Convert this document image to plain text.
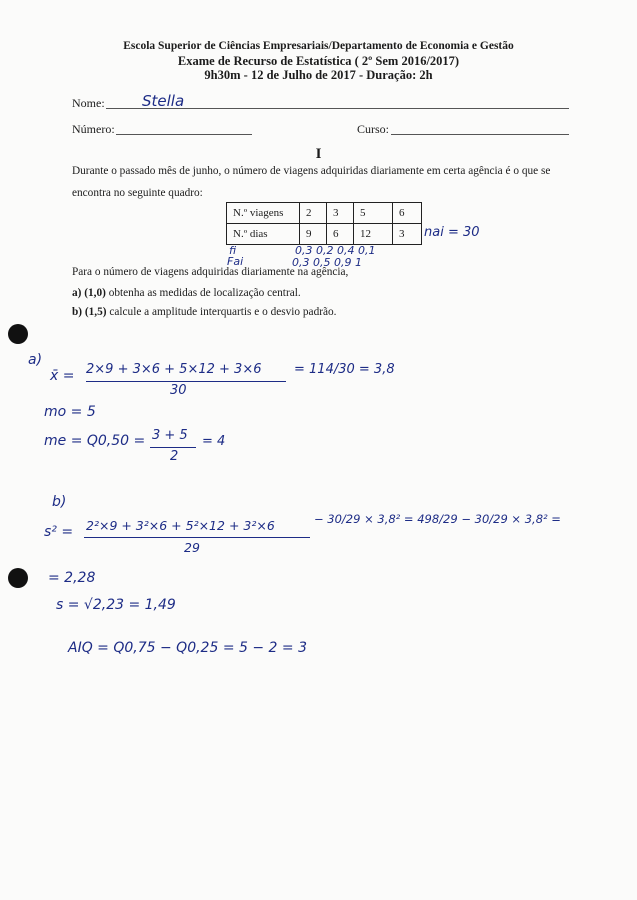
Escola Superior de Ciências Empresariais/Departamento de Economia e Gestão
Exame de Recurso de Estatística ( 2º Sem 2016/2017)
9h30m - 12 de Julho de 2017 - Duração: 2h
Nome: Stella
Número:	Curso:
I
Durante o passado mês de junho, o número de viagens adquiridas diariamente em certa agência é o que se
encontra no seguinte quadro:
N.º viagens	2	3	5	6
N.º dias	9	6	12	3 nai = 30
fi	0,3 0,2 0,4 0,1
Fai	0,3 0,5 0,9 1
Para o número de viagens adquiridas diariamente na agência,
a) (1,0) obtenha as medidas de localização central.
b) (1,5) calcule a amplitude interquartis e o desvio padrão.
a)
x̄ = 2×9 + 3×6 + 5×12 + 3×6
30
= 114/30 = 3,8
mo = 5
me = Q0,50 = 3 + 5
2
= 4
b)
s² = 2²×9 + 3²×6 + 5²×12 + 3²×6
29
− 30/29 × 3,8² = 498/29 − 30/29 × 3,8² =
= 2,28
s = √2,23 = 1,49
AIQ = Q0,75 − Q0,25 = 5 − 2 = 3
